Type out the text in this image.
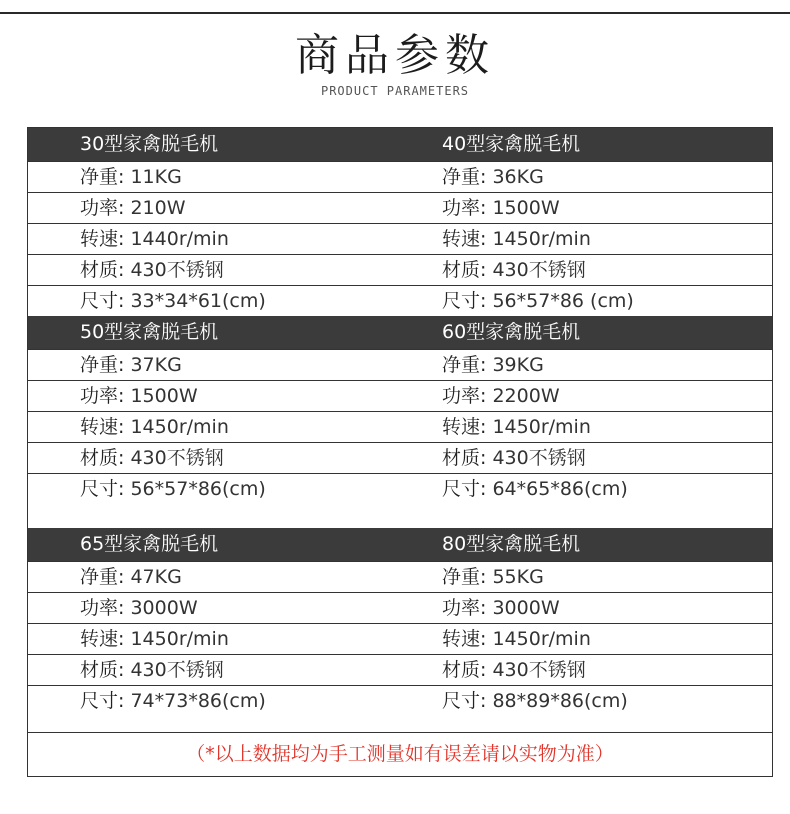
商品参数
PRODUCT PARAMETERS
30型家禽脱毛机	40型家禽脱毛机
净重: 11KG	净重: 36KG
功率: 210W	功率: 1500W
转速: 1440r/min	转速: 1450r/min
材质: 430不锈钢	材质: 430不锈钢
尺寸: 33*34*61(cm)	尺寸: 56*57*86 (cm)
50型家禽脱毛机	60型家禽脱毛机
净重: 37KG	净重: 39KG
功率: 1500W	功率: 2200W
转速: 1450r/min	转速: 1450r/min
材质: 430不锈钢	材质: 430不锈钢
尺寸: 56*57*86(cm)	尺寸: 64*65*86(cm)
65型家禽脱毛机	80型家禽脱毛机
净重: 47KG	净重: 55KG
功率: 3000W	功率: 3000W
转速: 1450r/min	转速: 1450r/min
材质: 430不锈钢	材质: 430不锈钢
尺寸: 74*73*86(cm)	尺寸: 88*89*86(cm)
（*以上数据均为手工测量如有误差请以实物为准）
